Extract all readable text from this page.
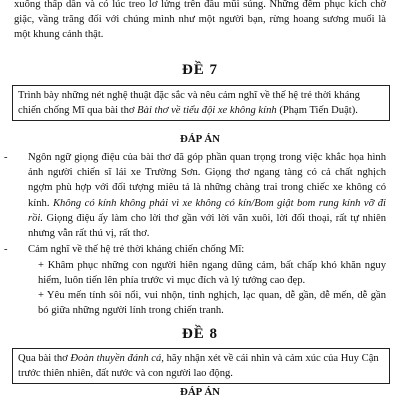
xuống thấp dần và có lúc treo lơ lửng trên đầu mũi súng. Những đêm phục kích chờ giặc, vầng trăng đối với chúng mình như một người bạn, rừng hoang sương muối là một khung cảnh thật.

ĐỀ 7

Trình bày những nét nghệ thuật đặc sắc và nêu cảm nghĩ về thế hệ trẻ thời kháng chiến chống Mĩ qua bài thơ Bài thơ về tiểu đội xe không kính (Phạm Tiến Duật).

ĐÁP ÁN

- Ngôn ngữ giọng điệu của bài thơ đã góp phần quan trọng trong việc khắc họa hình ảnh người chiến sĩ lái xe Trường Sơn. Giọng thơ ngang tàng có cả chất nghịch ngợm phù hợp với đối tượng miêu tả là những chàng trai trong chiếc xe không có kính. Không có kính không phải vì xe không có kín/Bom giật bom rung kính vỡ đi rồi. Giọng điệu ấy làm cho lời thơ gần với lời văn xuôi, lời đối thoại, rất tự nhiên nhưng vẫn rất thú vị, rất thơ.

- Cảm nghĩ về thế hệ trẻ thời kháng chiến chống Mĩ:

+ Khâm phục những con người hiên ngang dũng cảm, bất chấp khó khăn nguy hiểm, luôn tiến lên phía trước vì mục đích và lý tưởng cao đẹp.

+ Yêu mến tính sôi nổi, vui nhộn, tinh nghịch, lạc quan, dễ gần, dễ mến, dễ gần bó giữa những người lính trong chiến tranh.

ĐỀ 8

Qua bài thơ Đoàn thuyền đánh cá, hãy nhận xét về cái nhìn và cảm xúc của Huy Cận trước thiên nhiên, đất nước và con người lao động.

ĐÁP ÁN
